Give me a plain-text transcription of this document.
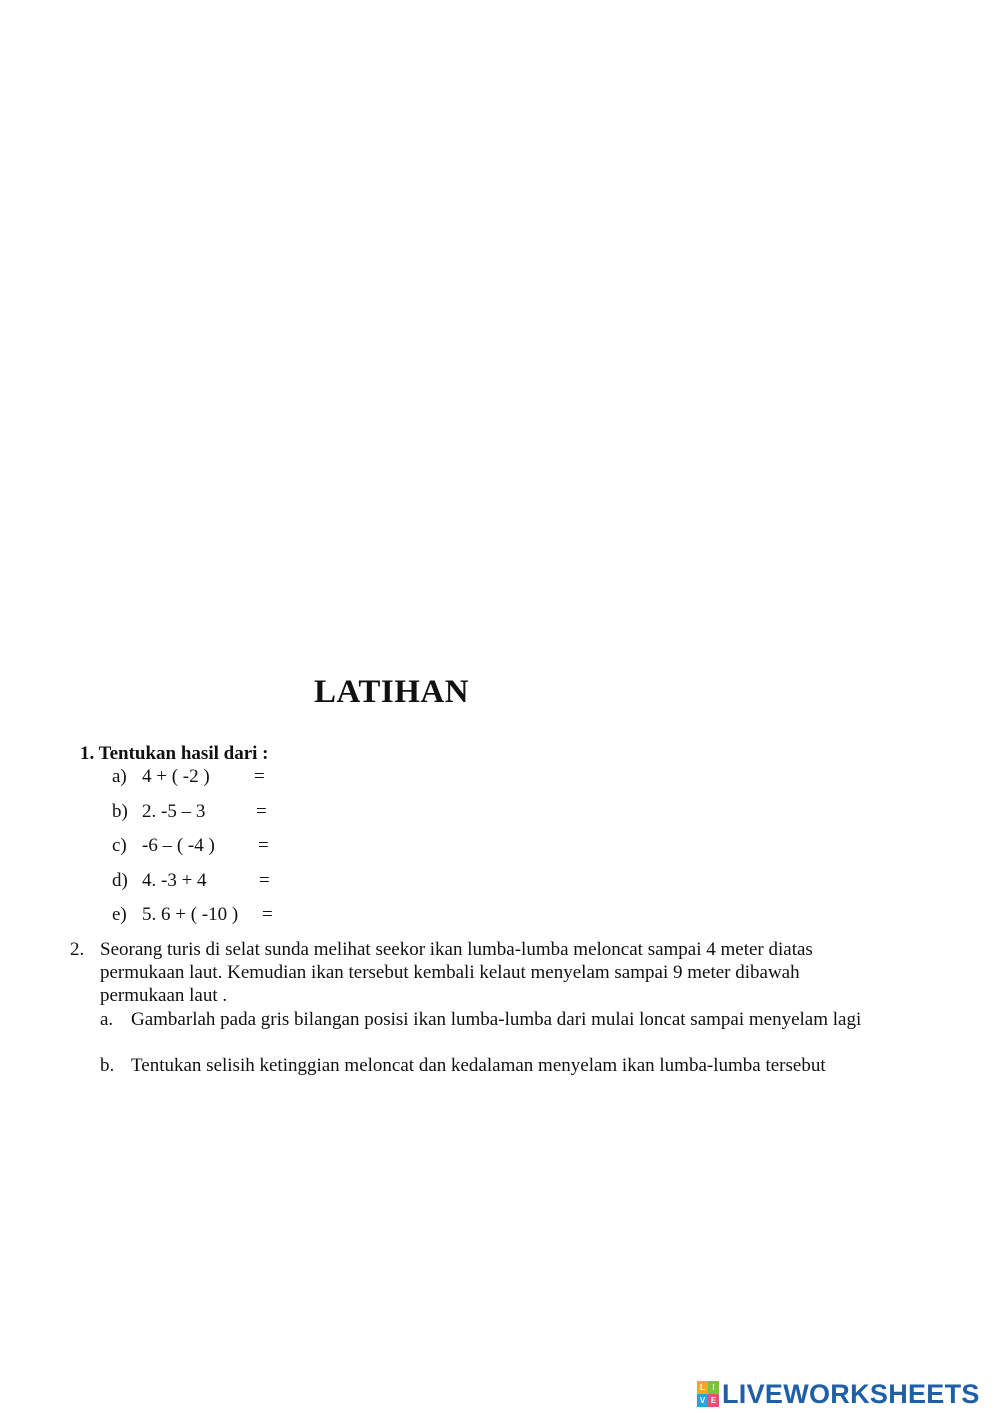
LATIHAN
1. Tentukan hasil dari :
a) 4 + ( -2 ) =
b) 2. -5 – 3	=
c) -6 – ( -4 ) =
d) 4. -3 + 4	=
e) 5. 6 + ( -10 ) =
2. Seorang turis di selat sunda melihat seekor ikan lumba-lumba meloncat sampai 4 meter diatas permukaan laut. Kemudian ikan tersebut kembali kelaut menyelam sampai 9 meter dibawah permukaan laut .
a. Gambarlah pada gris bilangan posisi ikan lumba-lumba dari mulai loncat sampai menyelam lagi
b. Tentukan selisih ketinggian meloncat dan kedalaman menyelam ikan lumba-lumba tersebut
L I
V E LIVEWORKSHEETS
